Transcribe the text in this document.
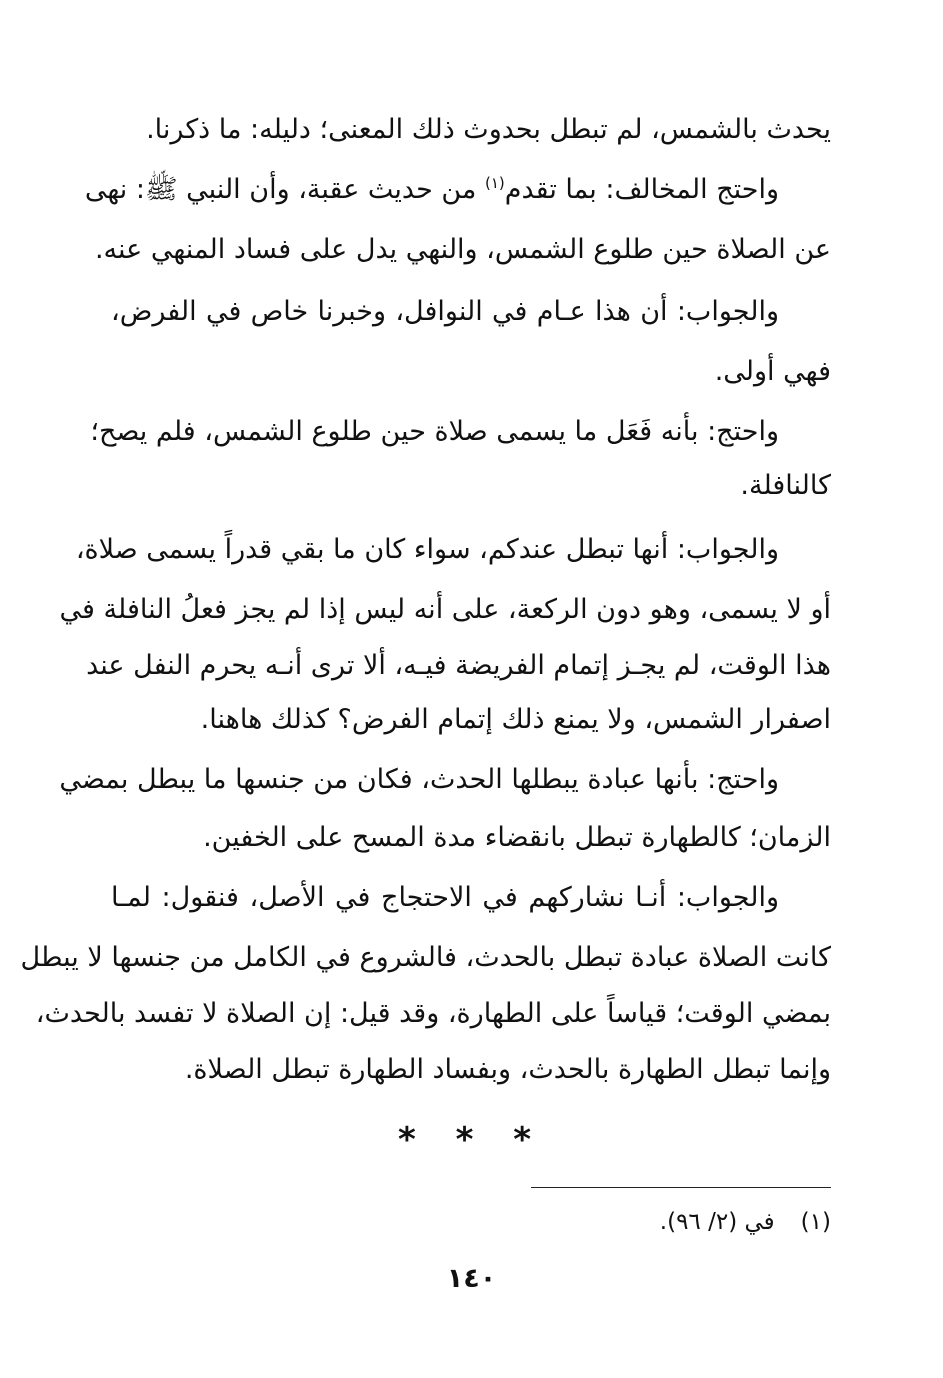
يحدث بالشمس، لم تبطل بحدوث ذلك المعنى؛ دليله: ما ذكرنا.
واحتج المخالف: بما تقدم$^{(١)}$ من حديث عقبة، وأن النبي ﷺ: نهى
عن الصلاة حين طلوع الشمس، والنهي يدل على فساد المنهي عنه.
والجواب: أن هذا عـام في النوافل، وخبرنا خاص في الفرض،
فهي أولى.
واحتج: بأنه فَعَل ما يسمى صلاة حين طلوع الشمس، فلم يصح؛
كالنافلة.
والجواب: أنها تبطل عندكم، سواء كان ما بقي قدراً يسمى صلاة،
أو لا يسمى، وهو دون الركعة، على أنه ليس إذا لم يجز فعلُ النافلة في
هذا الوقت، لم يجـز إتمام الفريضة فيـه، ألا ترى أنـه يحرم النفل عند
اصفرار الشمس، ولا يمنع ذلك إتمام الفرض؟ كذلك هاهنا.
واحتج: بأنها عبادة يبطلها الحدث، فكان من جنسها ما يبطل بمضي
الزمان؛ كالطهارة تبطل بانقضاء مدة المسح على الخفين.
والجواب: أنـا نشاركهم في الاحتجاج في الأصل، فنقول: لمـا
كانت الصلاة عبادة تبطل بالحدث، فالشروع في الكامل من جنسها لا يبطل
بمضي الوقت؛ قياساً على الطهارة، وقد قيل: إن الصلاة لا تفسد بالحدث،
وإنما تبطل الطهارة بالحدث، وبفساد الطهارة تبطل الصلاة.
* * *
(١)في (٢/ ٩٦).
١٤٠
